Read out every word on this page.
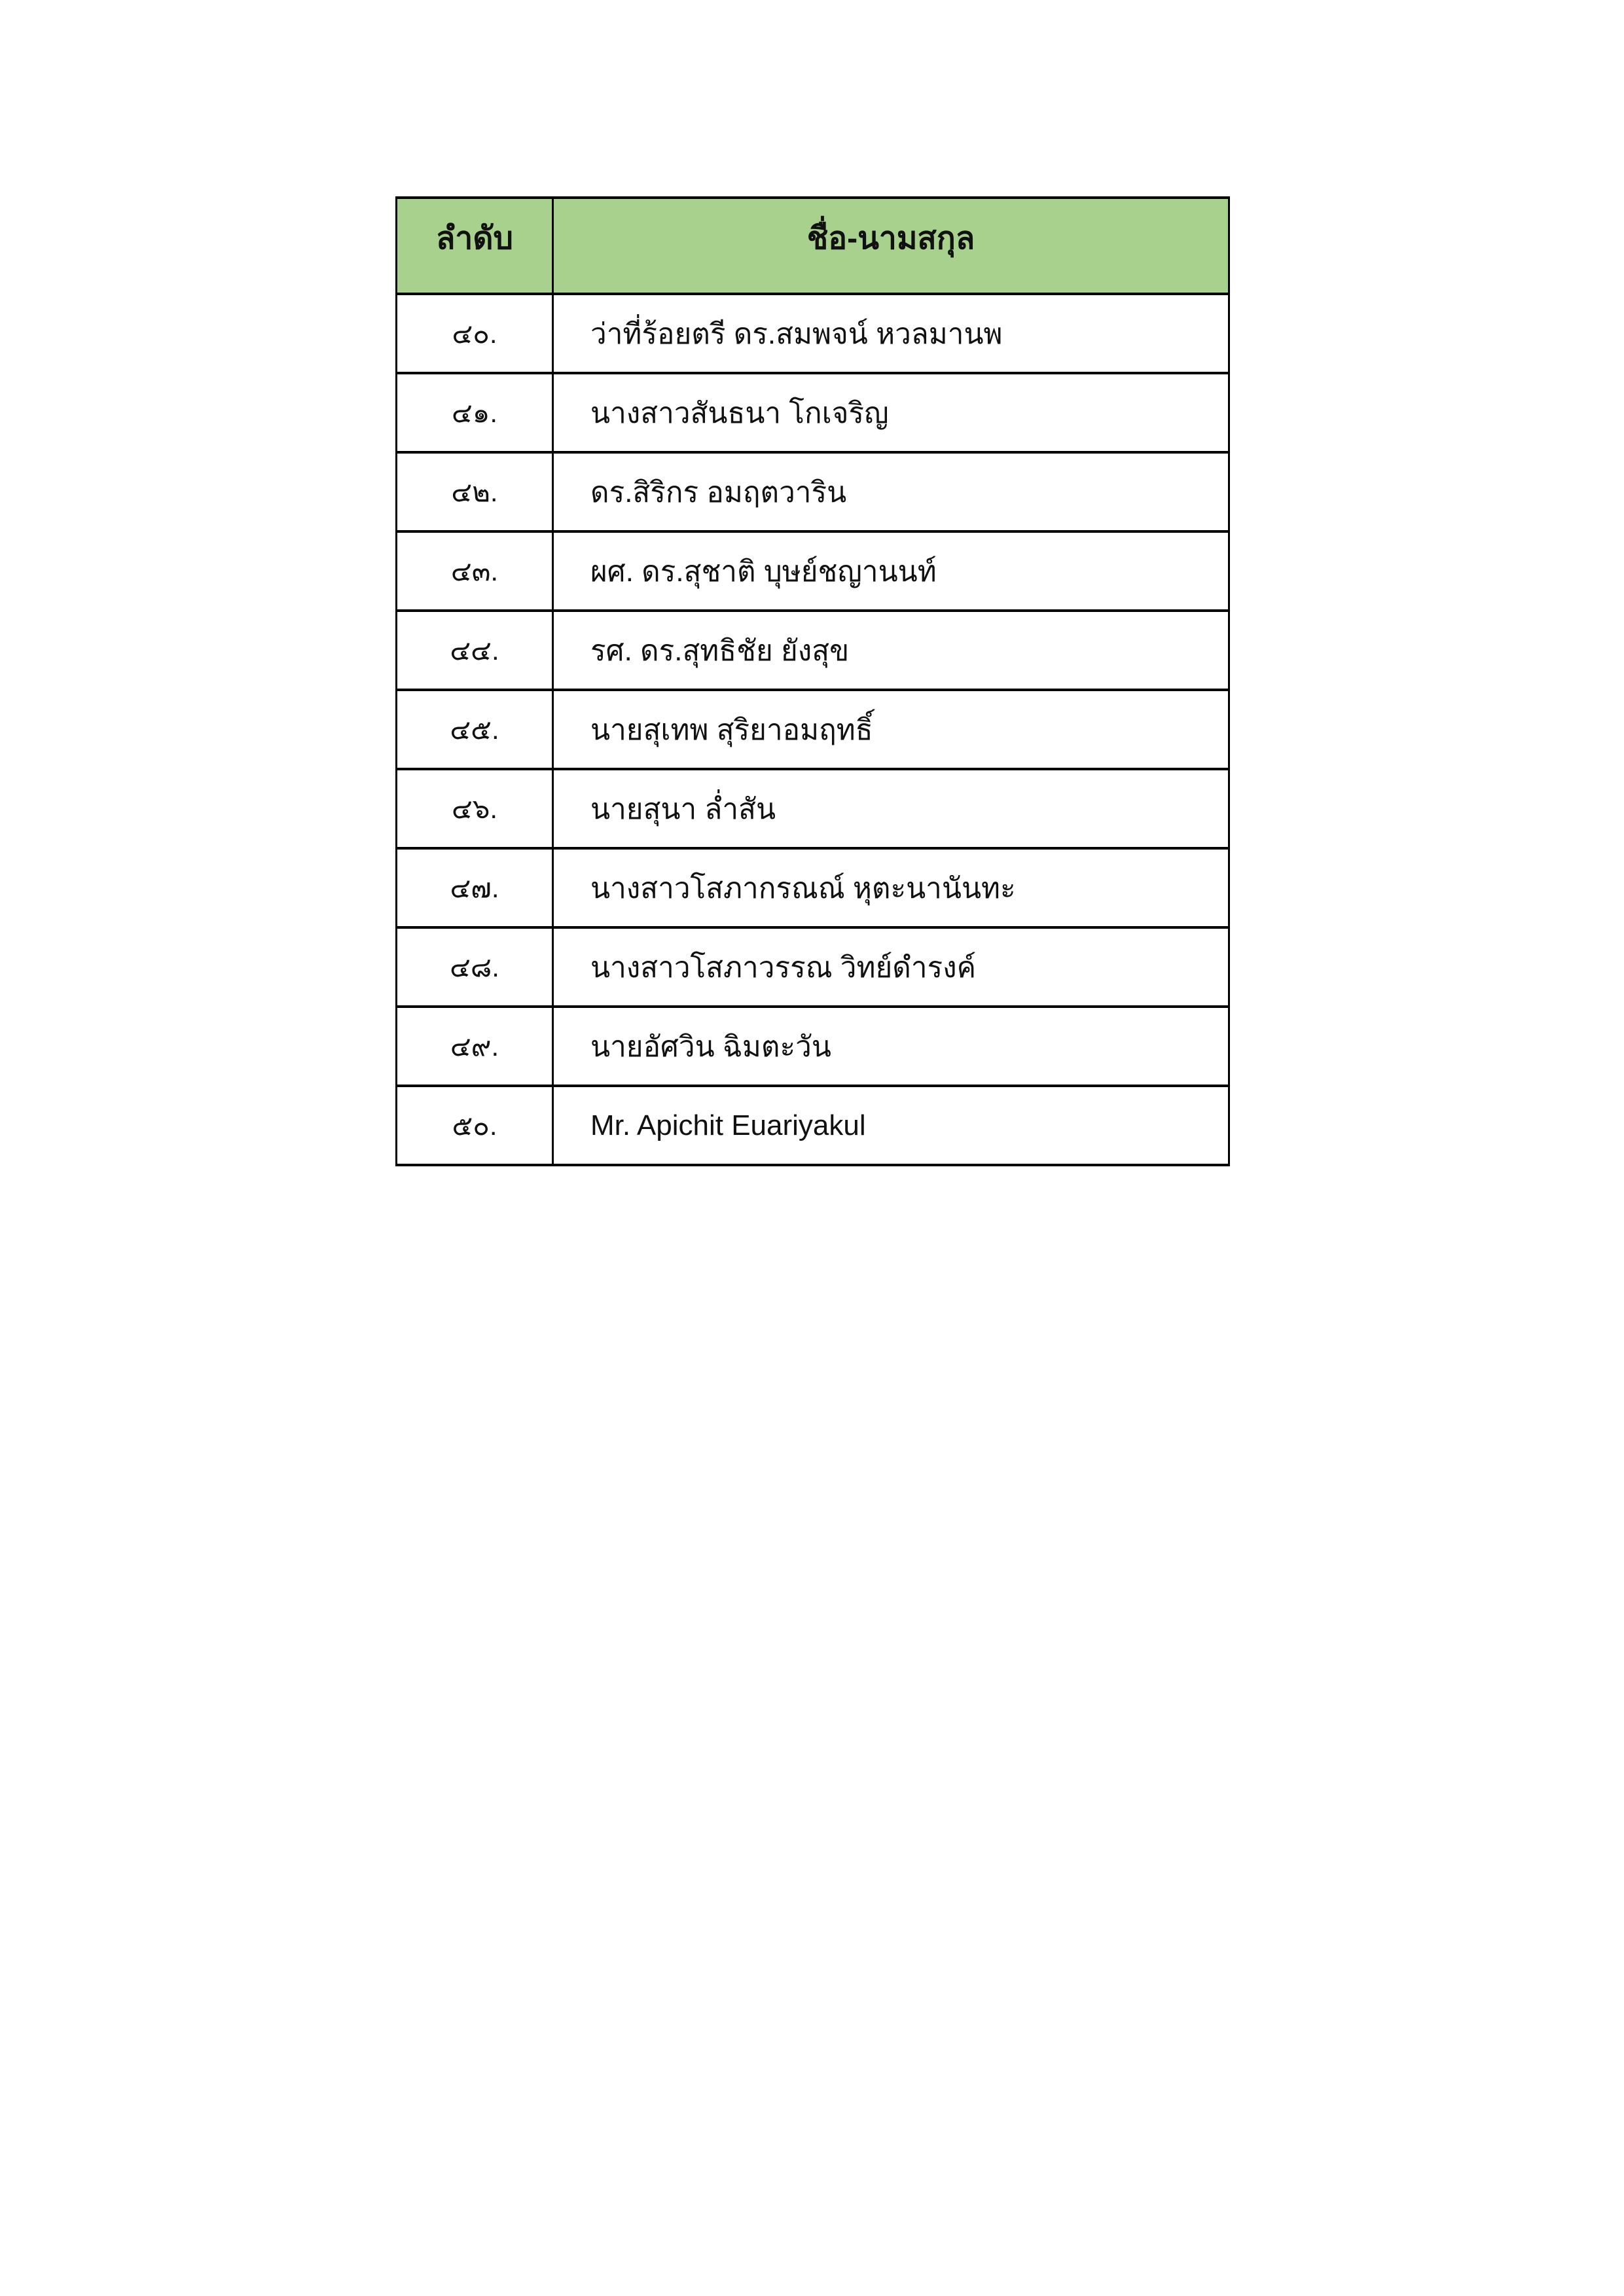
ลำดับ	ชื่อ-นามสกุล
๔๐.	ว่าที่ร้อยตรี ดร.สมพจน์ หวลมานพ
๔๑.	นางสาวสันธนา โกเจริญ
๔๒.	ดร.สิริกร อมฤตวาริน
๔๓.	ผศ. ดร.สุชาติ บุษย์ชญานนท์
๔๔.	รศ. ดร.สุทธิชัย ยังสุข
๔๕.	นายสุเทพ สุริยาอมฤทธิ์
๔๖.	นายสุนา ล่ำสัน
๔๗.	นางสาวโสภากรณณ์ หุตะนานันทะ
๔๘.	นางสาวโสภาวรรณ วิทย์ดำรงค์
๔๙.	นายอัศวิน ฉิมตะวัน
๕๐.	Mr. Apichit Euariyakul
